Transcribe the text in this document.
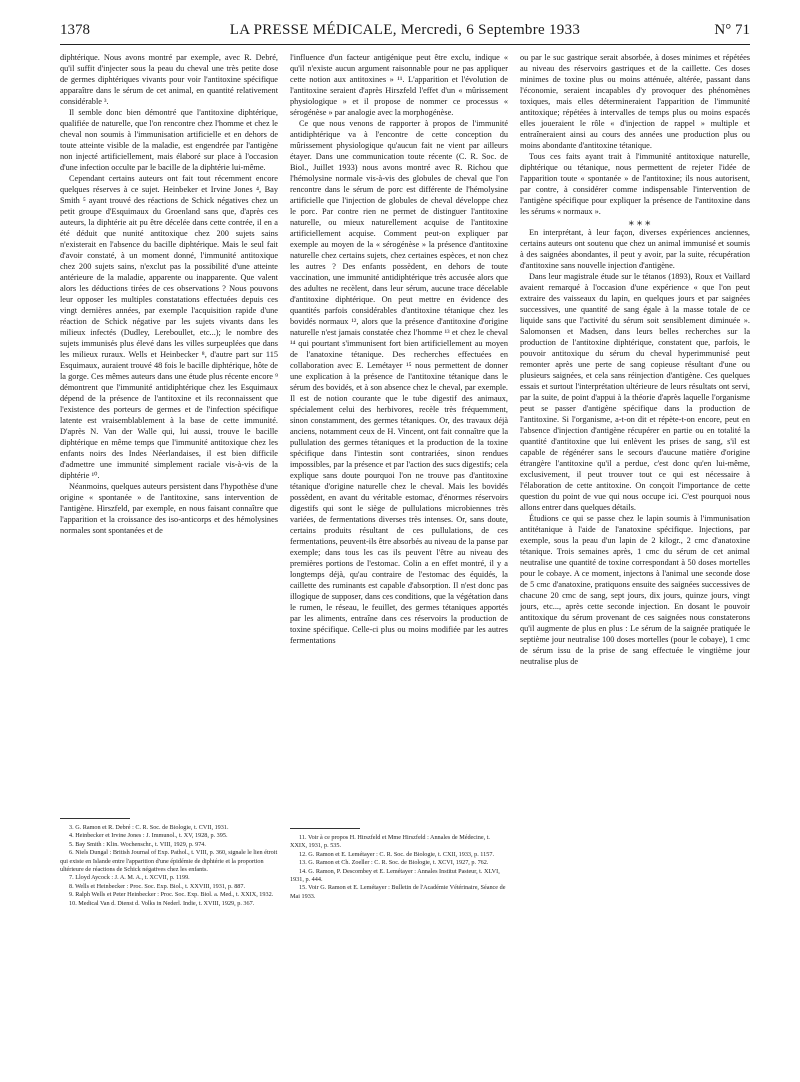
1378	LA PRESSE MÉDICALE, Mercredi, 6 Septembre 1933	N° 71

diphtérique. Nous avons montré par exemple, avec R. Debré, qu'il suffit d'injecter sous la peau du cheval une très petite dose de germes diphtériques vivants pour voir l'antitoxine spécifique apparaître dans le sérum de cet animal, en quantité relativement considérable ³.

Il semble donc bien démontré que l'antitoxine diphtérique, qualifiée de naturelle, que l'on rencontre chez l'homme et chez le cheval non soumis à l'immunisation artificielle et en dehors de toute atteinte visible de la maladie, est engendrée par l'antigène non injecté artificiellement, mais élaboré sur place à l'occasion d'une infection occulte par le bacille de la diphtérie lui-même.

Cependant certains auteurs ont fait tout récemment encore quelques réserves à ce sujet. Heinbeker et Irvine Jones ⁴, Bay Smith ⁵ ayant trouvé des réactions de Schick négatives chez un petit groupe d'Esquimaux du Groenland sans que, d'après ces auteurs, la diphtérie ait pu être décelée dans cette contrée, il en a été déduit que nunité antitoxique chez 200 sujets sains n'existerait en l'absence du bacille diphtérique. Mais le seul fait d'avoir constaté, à un moment donné, l'immunité antitoxique chez 200 sujets sains, n'exclut pas la possibilité d'une atteinte antérieure de la maladie, apparente ou inapparente. Que valent alors les déductions tirées de ces observations ? Nous pouvons leur opposer les multiples constatations effectuées depuis ces vingt dernières années, par exemple l'acquisition rapide d'une réaction de Schick négative par les sujets vivants dans les milieux infectés (Dudley, Lereboullet, etc...); le nombre des sujets immunisés plus élevé dans les villes surpeuplées que dans les milieux ruraux. Wells et Heinbecker ⁸, d'autre part sur 115 Esquimaux, auraient trouvé 48 fois le bacille diphtérique, hôte de la gorge. Ces mêmes auteurs dans une étude plus récente encore ⁹ démontrent que l'immunité antidiphtérique chez les Esquimaux dépend de la présence de l'antitoxine et ils reconnaissent que l'existence des porteurs de germes et de l'infection spécifique latente est vraisemblablement à la base de cette immunité. D'après N. Van der Walle qui, lui aussi, trouve le bacille diphtérique en même temps que l'immunité antitoxique chez les enfants noirs des Indes Néerlandaises, il est bien difficile d'admettre une immunité simplement raciale vis-à-vis de la diphtérie ¹⁰.

Néanmoins, quelques auteurs persistent dans l'hypothèse d'une origine « spontanée » de l'antitoxine, sans intervention de l'antigène. Hirszfeld, par exemple, en nous faisant connaître que l'apparition et la croissance des iso-anticorps et des hémolysines normales sont spontanées et de

3. G. Ramon et R. Debré : C. R. Soc. de Biologie, t. CVII, 1931.

4. Heinbecker et Irvine Jones : J. Immunol., t. XV, 1928, p. 395.

5. Bay Smith : Klin. Wochenschr., t. VIII, 1929, p. 974.

6. Niels Dungal : British Journal of Exp. Pathol., t. VIII, p. 360, signale le lien étroit qui existe en Islande entre l'apparition d'une épidémie de diphtérie et la proportion ultérieure de réactions de Schick négatives chez les enfants.

7. Lloyd Aycock : J. A. M. A., t. XCVII, p. 1199.

8. Wells et Heinbecker : Proc. Soc. Exp. Biol., t. XXVIII, 1931, p. 887.

9. Ralph Wells et Peter Heinbecker : Proc. Soc. Exp. Biol. a. Med., t. XXIX, 1932.

10. Medical Van d. Dienst d. Volks in Nederl. Indie, t. XVIII, 1929, p. 367.

l'influence d'un facteur antigénique peut être exclu, indique « qu'il n'existe aucun argument raisonnable pour ne pas appliquer cette notion aux antitoxines » ¹¹. L'apparition et l'évolution de l'antitoxine seraient d'après Hirszfeld l'effet d'un « mûrissement physiologique » et il propose de nommer ce processus « sérogénèse » par analogie avec la morphogénèse.

Ce que nous venons de rapporter à propos de l'immunité antidiphtérique va à l'encontre de cette conception du mûrissement physiologique qu'aucun fait ne vient par ailleurs étayer. Dans une communication toute récente (C. R. Soc. de Biol., Juillet 1933) nous avons montré avec R. Richou que l'hémolysine normale vis-à-vis des globules de cheval que l'on rencontre dans le sérum de porc est différente de l'hémolysine artificielle que l'injection de globules de cheval développe chez le porc. Par contre rien ne permet de distinguer l'antitoxine naturelle, ou mieux naturellement acquise de l'antitoxine artificiellement acquise. Comment peut-on expliquer par exemple au moyen de la « sérogénèse » la présence d'antitoxine naturelle chez certains sujets, chez certaines espèces, et non chez les autres ? Des enfants possèdent, en dehors de toute vaccination, une immunité antidiphtérique très accusée alors que des adultes ne recèlent, dans leur sérum, aucune trace décelable d'antitoxine diphtérique. On peut mettre en évidence des quantités parfois considérables d'antitoxine tétanique chez les bovidés normaux ¹², alors que la présence d'antitoxine d'origine naturelle n'est jamais constatée chez l'homme ¹³ et chez le cheval ¹⁴ qui pourtant s'immunisent fort bien artificiellement au moyen de l'anatoxine tétanique. Des recherches effectuées en collaboration avec E. Lemétayer ¹⁵ nous permettent de donner une explication à la présence de l'antitoxine tétanique dans le sérum des bovidés, et à son absence chez le cheval, par exemple. Il est de notion courante que le tube digestif des animaux, spécialement celui des herbivores, recèle très fréquemment, sinon constamment, des germes tétaniques. Or, des travaux déjà anciens, notamment ceux de H. Vincent, ont fait connaître que la pullulation des germes tétaniques et la production de la toxine spécifique dans l'intestin sont contrariées, sinon rendues impossibles, par la présence et par l'action des sucs digestifs; cela explique sans doute pourquoi l'on ne trouve pas d'antitoxine tétanique d'origine naturelle chez le cheval. Mais les bovidés possèdent, en avant du véritable estomac, d'énormes réservoirs digestifs qui sont le siège de pullulations microbiennes très variées, de fermentations diverses très intenses. Or, sans doute, certains produits résultant de ces pullulations, de ces fermentations, peuvent-ils être absorbés au niveau de la panse par exemple; dans tous les cas ils peuvent l'être au niveau des premières portions de l'estomac. Colin a en effet montré, il y a longtemps déjà, qu'au contraire de l'estomac des équidés, la caillette des ruminants est capable d'absorption. Il n'est donc pas illogique de supposer, dans ces conditions, que la végétation dans le rumen, le réseau, le feuillet, des germes tétaniques apportés par les aliments, entraîne dans ces réservoirs la production de toxine spécifique. Celle-ci plus ou moins modifiée par les autres fermentations

11. Voir à ce propos H. Hirszfeld et Mme Hirszfeld : Annales de Médecine, t. XXIX, 1931, p. 535.

12. G. Ramon et E. Lemétayer : C. R. Soc. de Biologie, t. CXII, 1933, p. 1157.

13. G. Ramon et Ch. Zoeller : C. R. Soc. de Biologie, t. XCVI, 1927, p. 762.

14. G. Ramon, P. Descombey et E. Lemétayer : Annales Institut Pasteur, t. XLVI, 1931, p. 444.

15. Voir G. Ramon et E. Lemétayer : Bulletin de l'Académie Vétérinaire, Séance de Mai 1933.

ou par le suc gastrique serait absorbée, à doses minimes et répétées au niveau des réservoirs gastriques et de la caillette. Ces doses minimes de toxine plus ou moins atténuée, altérée, passant dans l'économie, seraient incapables d'y provoquer des phénomènes toxiques, mais elles détermineraient l'apparition de l'immunité antitoxique; répétées à intervalles de temps plus ou moins espacés elles joueraient le rôle « d'injection de rappel » multiple et entraîneraient ainsi au cours des années une production plus ou moins abondante d'antitoxine tétanique.

Tous ces faits ayant trait à l'immunité antitoxique naturelle, diphtérique ou tétanique, nous permettent de rejeter l'idée de l'apparition toute « spontanée » de l'antitoxine; ils nous autorisent, par contre, à considérer comme indispensable l'intervention de l'antigène spécifique pour expliquer la présence de l'antitoxine dans les sérums « normaux ».

⁎ ⁎ ⁎

En interprétant, à leur façon, diverses expériences anciennes, certains auteurs ont soutenu que chez un animal immunisé et soumis à des saignées abondantes, il peut y avoir, par la suite, récupération d'antitoxine sans nouvelle injection d'antigène.

Dans leur magistrale étude sur le tétanos (1893), Roux et Vaillard avaient remarqué à l'occasion d'une expérience « que l'on peut extraire des vaisseaux du lapin, en quelques jours et par saignées successives, une quantité de sang égale à la masse totale de ce liquide sans que l'activité du sérum soit sensiblement diminuée ». Salomonsen et Madsen, dans leurs belles recherches sur la production de l'antitoxine diphtérique, constatent que, parfois, le pouvoir antitoxique du sérum du cheval hyperimmunisé peut remonter après une perte de sang copieuse résultant d'une ou plusieurs saignées, et cela sans réinjection d'antigène. Ces quelques essais et surtout l'interprétation ultérieure de leurs résultats ont servi, par la suite, de point d'appui à la théorie d'après laquelle l'organisme peut se passer d'antigène spécifique dans la production de l'antitoxine. Si l'organisme, a-t-on dit et répète-t-on encore, peut en l'absence d'injection d'antigène récupérer en partie ou en totalité la quantité d'antitoxine que lui enlèvent les prises de sang, s'il est capable de régénérer sans le secours d'aucune matière d'origine étrangère l'antitoxine qu'il a perdue, c'est donc qu'en lui-même, exclusivement, il peut trouver tout ce qui est nécessaire à l'élaboration de cette antitoxine. On conçoit l'importance de cette question du point de vue qui nous occupe ici. C'est pourquoi nous allons entrer dans quelques détails.

Étudions ce qui se passe chez le lapin soumis à l'immunisation antitétanique à l'aide de l'anatoxine spécifique. Injections, par exemple, sous la peau d'un lapin de 2 kilogr., 2 cmc d'anatoxine tétanique. Trois semaines après, 1 cmc du sérum de cet animal neutralise une quantité de toxine correspondant à 50 doses mortelles pour le cobaye. A ce moment, injectons à l'animal une seconde dose de 5 cmc d'anatoxine, pratiquons ensuite des saignées successives de chacune 20 cmc de sang, sept jours, dix jours, quinze jours, vingt jours, etc..., après cette seconde injection. En dosant le pouvoir antitoxique du sérum provenant de ces saignées nous constaterons qu'il augmente de plus en plus : Le sérum de la saignée pratiquée le septième jour neutralise 100 doses mortelles (pour le cobaye), 1 cmc de sérum issu de la prise de sang effectuée le vingtième jour neutralise plus de
